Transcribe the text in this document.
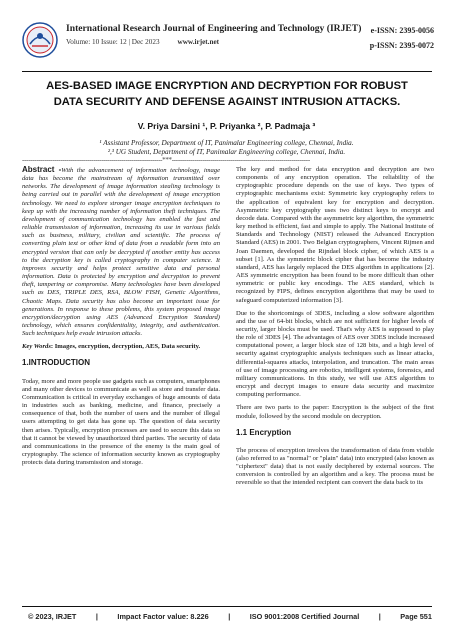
International Research Journal of Engineering and Technology (IRJET)
Volume: 10 Issue: 12 | Dec 2023	www.irjet.net
e-ISSN: 2395-0056
p-ISSN: 2395-0072
AES-BASED IMAGE ENCRYPTION AND DECRYPTION FOR ROBUST DATA SECURITY AND DEFENSE AGAINST INTRUSION ATTACKS.
V. Priya Darsini ¹, P. Priyanka ², P. Padmaja ³
¹ Assistant Professor, Department of IT, Panimalar Engineering college, Chennai, India.
²,³ UG Student, Department of IT, Panimalar Engineering college, Chennai, India.
---------------------------------------------------------------------***--------------------------------------------------------------------

Abstract -With the advancement of information technology, image data has become the mainstream of information transmitted over networks. The development of image information stealing technology is being carried out in parallel with the development of image encryption technology. We need to explore stronger image encryption techniques to keep up with the increasing number of information theft techniques. The development of communication technology has enabled the fast and reliable transmission of information, increasing its use in various fields such as business, military, civilian and scientific. The process of converting plain text or other kind of data from a readable form into an encrypted version that can only be decrypted if another entity has access to the decryption key is called cryptography in computer science. It improves security and helps protect sensitive data and personal information. Data is protected by encryption and decryption to prevent theft, tampering or compromise. Many technologies have been developed such as DES, TRIPLE DES, RSA, BLOW FISH, Genetic Algorithms, Chaotic Maps. Data security has also become an important issue for generations. In response to these problems, this system proposed image encryption/decryption using AES (Advanced Encryption Standard) technology, which ensures confidentiality, integrity, and authentication. Such techniques help evade intrusion attacks.

Key Words: Images, encryption, decryption, AES, Data security.

1.INTRODUCTION

Today, more and more people use gadgets such as computers, smartphones and many other devices to communicate as well as store and transfer data. Communication is critical in everyday exchanges of huge amounts of data in industries such as banking, medicine, and finance, precisely a consequence of that, both the number of users and the number of illegal users attempting to get data has gone up. The question of data security then arises. Typically, encryption processes are used to secure this data so that it cannot be viewed by unauthorized third parties. The security of data and communications in the presence of the enemy is the main goal of cryptography. The science of information security known as cryptography protects data during transmission and storage.

The key and method for data encryption and decryption are two components of any encryption operation. The reliability of the cryptographic procedure depends on the use of keys. Two types of cryptographic mechanisms exist: Symmetric key cryptography refers to the application of equivalent key for encryption and decryption. Asymmetric key cryptography uses two distinct keys to encrypt and decode data. Compared with the asymmetric key algorithm, the symmetric key method is efficient, fast and simple to apply. The National Institute of Standards and Technology (NIST) released the Advanced Encryption Standard (AES) in 2001. Two Belgian cryptographers, Vincent Rijmen and Joan Daemen, developed the Rijndael block cipher, of which AES is a subset [1]. As the symmetric block cipher that has become the industry standard, AES has largely replaced the DES algorithm in applications [2]. AES symmetric encryption has been found to be more difficult than other symmetric or public key encodings. The AES standard, which is recognized by FIPS, defines encryption algorithms that may be used to safeguard computerized information [3].

Due to the shortcomings of 3DES, including a slow software algorithm and the use of 64-bit blocks, which are not sufficient for higher levels of security, larger blocks must be used. That's why AES is supposed to play the role of 3DES [4]. The advantages of AES over 3DES include increased computational power, a larger block size of 128 bits, and a high level of security against cryptographic analysis techniques such as linear attacks, differential-squares attacks, interpolation, and truncation. The main areas of use of image processing are robotics, intelligent systems, forensics, and military communications. In this study, we will use AES algorithm to encrypt and decrypt images to ensure data security and maximize computing performance.

There are two parts to the paper: Encryption is the subject of the first module, followed by the second module on decryption.

1.1 Encryption

The process of encryption involves the transformation of data from visible (also referred to as "normal" or "plain" data) into encrypted (also known as "ciphertext" data) that is not easily deciphered by external sources. The conversion is controlled by an algorithm and a key. The process must be reversible so that the intended recipient can convert the data back to its

© 2023, IRJET	|	Impact Factor value: 8.226	|	ISO 9001:2008 Certified Journal	|	Page 551
